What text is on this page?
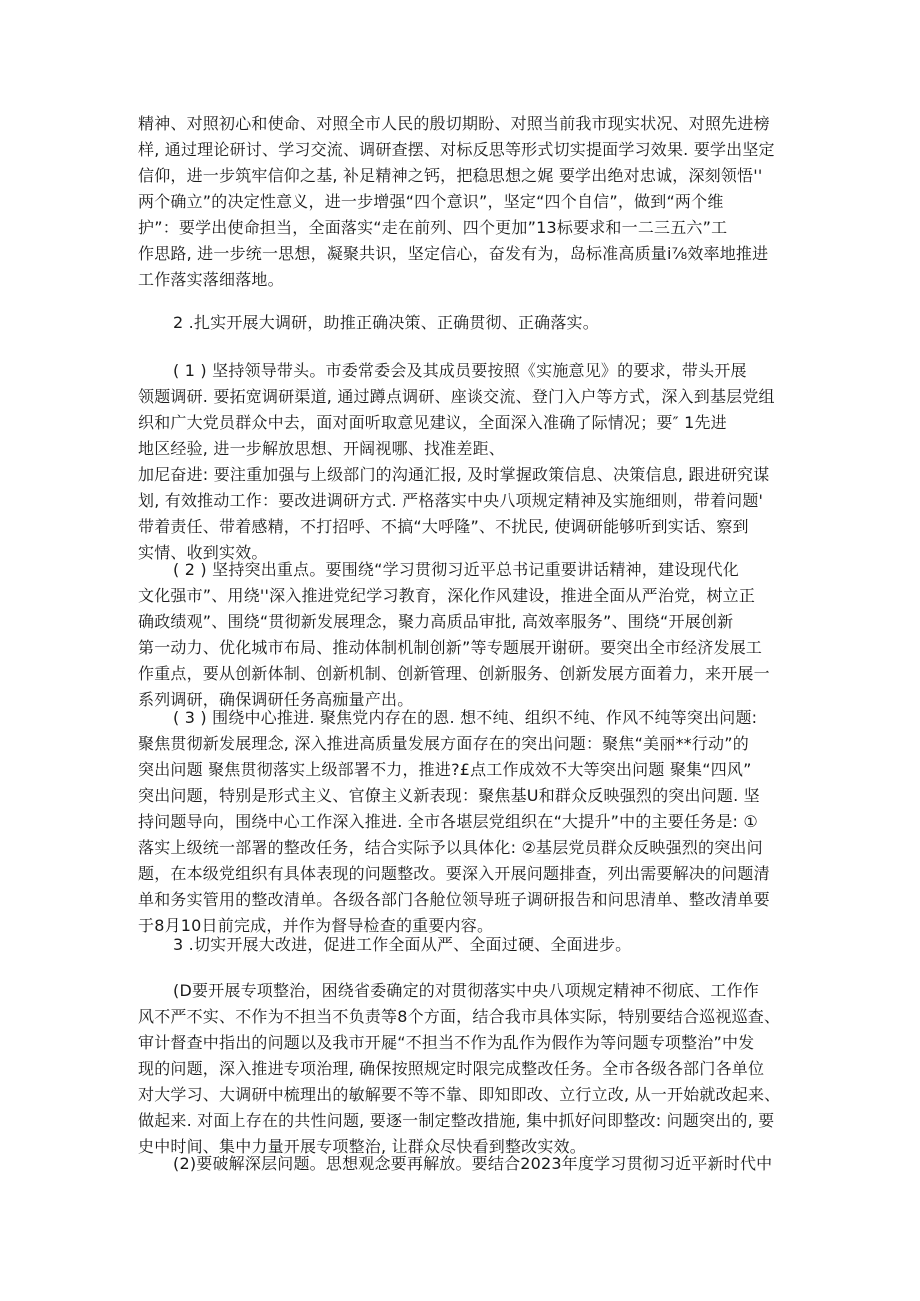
精神、对照初心和使命、对照全市人民的殷切期盼、对照当前我市现实状况、对照先进榜
样, 通过理论研讨、学习交流、调研查摆、对标反思等形式切实提面学习效果. 要学出坚定
信仰，进一步筑牢信仰之基, 补足精神之钙，把稳思想之娓 要学出绝对忠诚，深刻领悟''
两个确立”的决定性意义，进一步增强“四个意识”，坚定“四个自信”，做到“两个维
护”：要学出使命担当，全面落实“走在前列、四个更加”13标要求和一二三五六”工
作思路, 进一步统一思想，凝聚共识，坚定信心，奋发有为，岛标准高质量i⅞效率地推进
工作落实落细落地。
2 .扎实开展大调研，助推正确决策、正确贯彻、正确落实。
( 1 ) 坚持领导带头。市委常委会及其成员要按照《实施意见》的要求，带头开展
领题调研. 要拓宽调研渠道, 通过蹲点调研、座谈交流、登门入户等方式，深入到基层党组
织和广大党员群众中去，面对面听取意见建议，全面深入准确了际情况；要″ 1先进
地区经验, 进一步解放思想、开阔视哪、找准差距、
加尼奋进: 要注重加强与上级部门的沟通汇报, 及时掌握政策信息、决策信息, 跟进研究谋
划, 有效推动工作：要改进调研方式. 严格落实中央八项规定精神及实施细则，带着问题'
带着责任、带着感精，不打招呼、不搞“大呼隆”、不扰民, 使调研能够听到实话、察到
实情、收到实效。
( 2 ) 坚持突出重点。要围绕“学习贯彻习近平总书记重要讲话精神，建设现代化
文化强市”、用绕''深入推进党纪学习教育，深化作风建设，推进全面从严治党，树立正
确政绩观”、围绕“贯彻新发展理念，聚力高质品审批, 高效率服务”、围绕“开展创新
第一动力、优化城市布局、推动体制机制创新”等专题展开谢研。要突出全市经济发展工
作重点，要从创新体制、创新机制、创新管理、创新服务、创新发展方面着力，来开展一
系列调研，确保调研任务高痂量产出。
( 3 ) 围绕中心推进. 聚焦党内存在的恩. 想不纯、组织不纯、作风不纯等突出问题:
聚焦贯彻新发展理念, 深入推进高质量发展方面存在的突出问题：聚焦“美丽**行动”的
突出问题 聚焦贯彻落实上级部署不力，推进?£点工作成效不大等突出问题 聚集“四风”
突出问题，特别是形式主义、官僚主义新表现：聚焦基U和群众反映强烈的突出问题. 坚
持问题导向，围绕中心工作深入推进. 全市各堪层党组织在“大提升”中的主要任务是: ①
落实上级统一部署的整改任务，结合实际予以具体化: ②基层党员群众反映强烈的突出问
题，在本级党组织有具体表现的问题整改。要深入开展问题排查，列出需要解决的问题清
单和务实管用的整改清单。各级各部门各舱位领导班子调研报告和问思清单、整改清单要
于8月10日前完成，并作为督导检查的重要内容。
3 .切实开展大改进，促进工作全面从严、全面过硬、全面进步。
(D要开展专项整治，困绕省委确定的对贯彻落实中央八项规定精神不彻底、工作作
风不严不实、不作为不担当不负责等8个方面，结合我市具体实际，特别要结合巡视巡查、
审计督查中指出的问题以及我市开屣“不担当不作为乱作为假作为等问题专项整治”中发
现的问题，深入推进专项治理, 确保按照规定时限完成整改任务。全市各级各部门各单位
对大学习、大调研中梳理出的敏解要不等不靠、即知即改、立行立改, 从一开始就改起来、
做起来. 对面上存在的共性问题, 要逐一制定整改措施, 集中抓好问即整改: 问题突出的, 要
史中时间、集中力量开展专项整治, 让群众尽快看到整改实效。
(2)要破解深层问题。思想观念要再解放。要结合2023年度学习贯彻习近平新时代中
